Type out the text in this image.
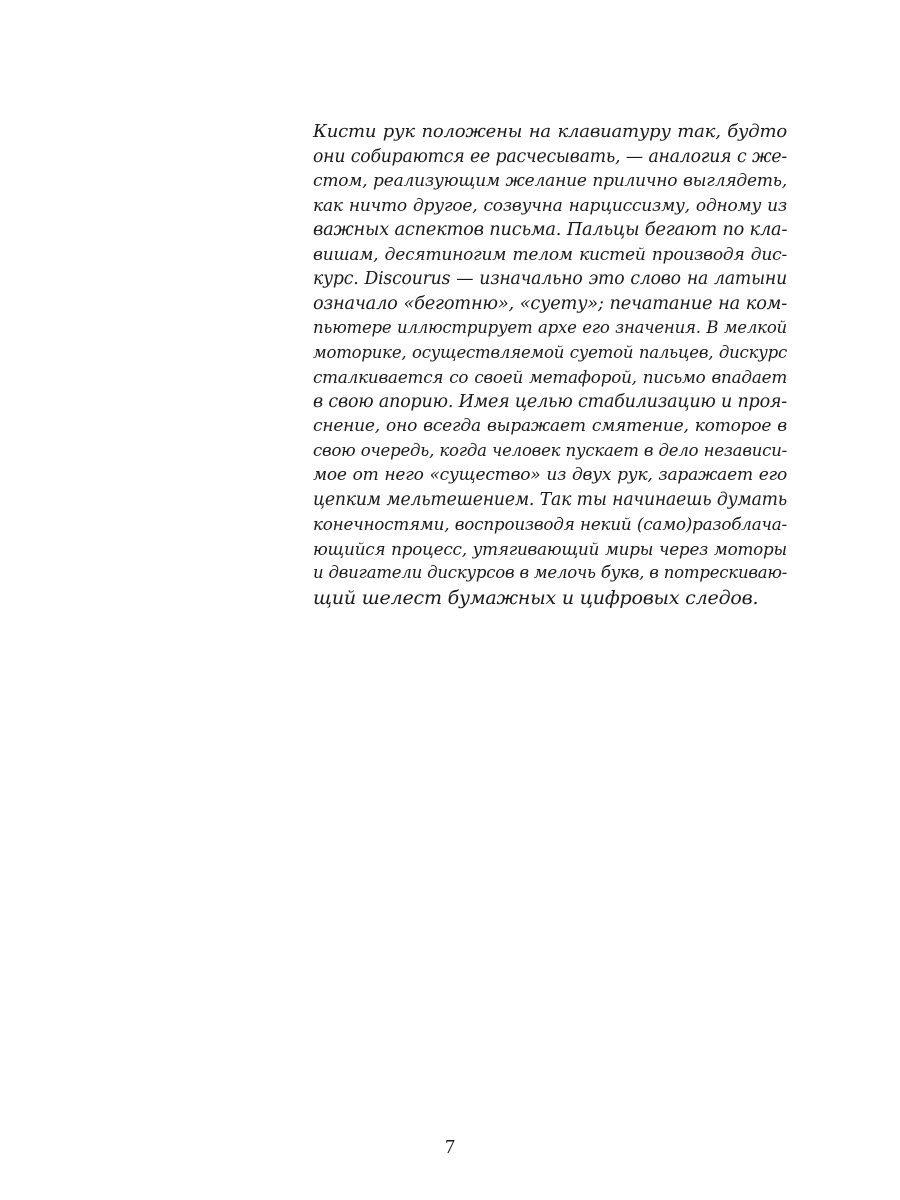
Кисти рук положены на клавиатуру так, будто
они собираются ее расчесывать, — аналогия с же-
стом, реализующим желание прилично выглядеть,
как ничто другое, созвучна нарциссизму, одному из
важных аспектов письма. Пальцы бегают по кла-
вишам, десятиногим телом кистей производя дис-
курс. Discourus — изначально это слово на латыни
означало «беготню», «суету»; печатание на ком-
пьютере иллюстрирует архе его значения. В мелкой
моторике, осуществляемой суетой пальцев, дискурс
сталкивается со своей метафорой, письмо впадает
в свою апорию. Имея целью стабилизацию и проя-
снение, оно всегда выражает смятение, которое в
свою очередь, когда человек пускает в дело независи-
мое от него «существо» из двух рук, заражает его
цепким мельтешением. Так ты начинаешь думать
конечностями, воспроизводя некий (само)разоблача-
ющийся процесс, утягивающий миры через моторы
и двигатели дискурсов в мелочь букв, в потрескиваю-
щий шелест бумажных и цифровых следов.
7
